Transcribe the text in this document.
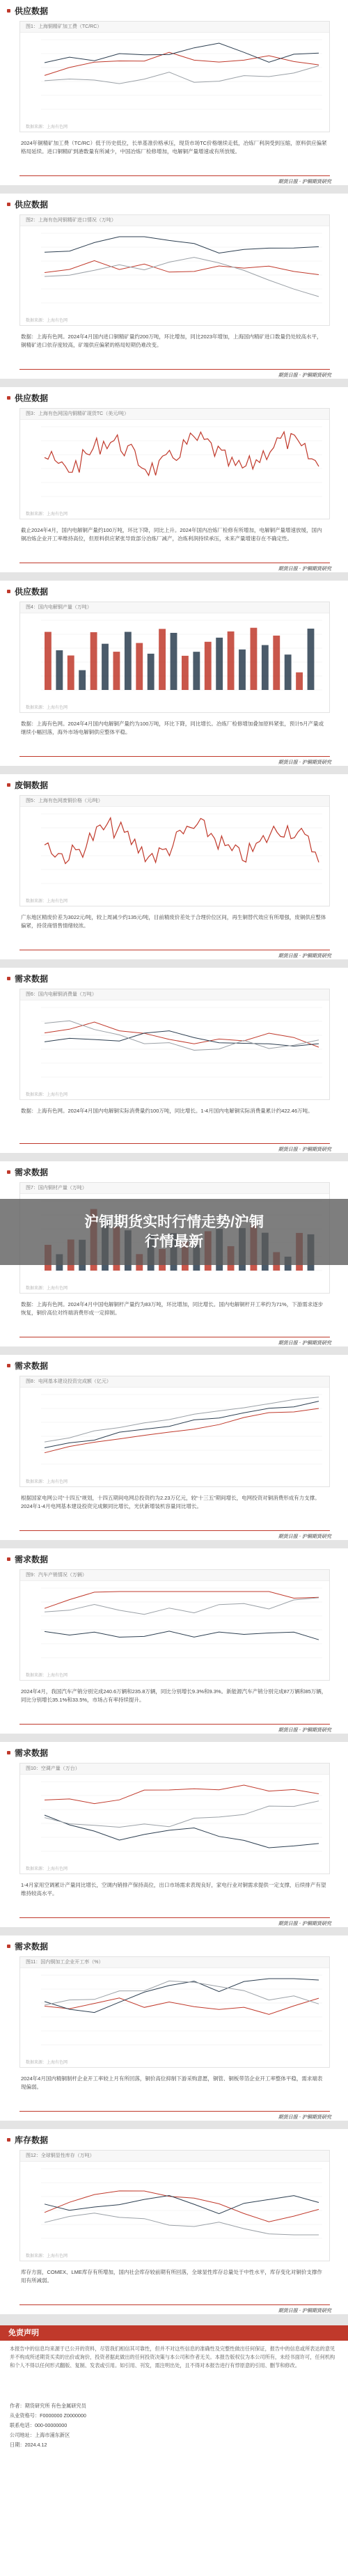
供应数据
图1：上海铜精矿加工费（TC/RC）
数据来源：上海有色网
2024年铜精矿加工费（TC/RC）低于历史低位，长单基准价格承压，现货市场TC价格继续走低，冶炼厂利润受到压缩，原料供应偏紧格局延续。进口铜精矿到港数量有所减少，中国冶炼厂检修增加，电解铜产量增速或有所放缓。
期货日报 · 沪铜期货研究
供应数据
图2：上海有色网铜精矿进口情况（万吨）
数据来源：上海有色网
数据：上海有色网。2024年4月国内进口铜精矿量约200万吨，环比增加，同比2023年增加，上海国内精矿进口数量仍处较高水平，铜精矿进口依存度较高，矿端供应偏紧的格局短期仍难改变。
期货日报 · 沪铜期货研究
供应数据
图3：上海有色网国内铜精矿现货TC（美元/吨）
数据来源：上海有色网
截止2024年4月，国内电解铜产量约100万吨，环比下降，同比上升。2024年国内冶炼厂检修有所增加，电解铜产量增速放缓，国内铜冶炼企业开工率维持高位，但原料供应紧张导致部分冶炼厂减产，冶炼利润持续承压，未来产量增速存在不确定性。
期货日报 · 沪铜期货研究
供应数据
图4：国内电解铜产量（万吨）
数据来源：上海有色网
数据：上海有色网。2024年4月国内电解铜产量约为100万吨，环比下降，同比增长。冶炼厂检修增加叠加原料紧张，预计5月产量或继续小幅回落，海外市场电解铜供应整体平稳。
期货日报 · 沪铜期货研究
废铜数据
图5：上海有色网废铜价格（元/吨）
数据来源：上海有色网
广东地区精废价差为3022元/吨，较上周减少约135元/吨，目前精废价差处于合理价位区间，再生铜替代效应有所增强，废铜供应整体偏紧，持货商惜售情绪较浓。
期货日报 · 沪铜期货研究
需求数据
图6：国内电解铜消费量（万吨）
数据来源：上海有色网
数据：上海有色网。2024年4月国内电解铜实际消费量约100万吨，同比增长。1-4月国内电解铜实际消费量累计约422.46万吨。
期货日报 · 沪铜期货研究
需求数据
图7：国内铜材产量（万吨）
数据来源：上海有色网
数据：上海有色网。2024年4月中国电解铜杆产量约为83万吨，环比增加，同比增长。国内电解铜杆开工率约为71%，下游需求逐步恢复，铜价高位对终端消费形成一定抑制。
期货日报 · 沪铜期货研究
需求数据
图8：电网基本建设投资完成额（亿元）
数据来源：上海有色网
根据国家电网公司“十四五”规划，十四五期间电网总投资约为2.23万亿元，较“十三五”期间增长，电网投资对铜消费形成有力支撑。2024年1-4月电网基本建设投资完成额同比增长，光伏新增装机容量同比增长。
期货日报 · 沪铜期货研究
需求数据
图9：汽车产销情况（万辆）
数据来源：上海有色网
2024年4月，我国汽车产销分别完成240.6万辆和235.8万辆，同比分别增长9.3%和9.3%。新能源汽车产销分别完成87万辆和85万辆，同比分别增长35.1%和33.5%，市场占有率持续提升。
期货日报 · 沪铜期货研究
需求数据
图10：空调产量（万台）
数据来源：上海有色网
1-4月家用空调累计产量同比增长，空调内销排产保持高位，出口市场需求表现良好，家电行业对铜需求提供一定支撑，后续排产有望维持较高水平。
期货日报 · 沪铜期货研究
需求数据
图11：国内铜加工企业开工率（%）
数据来源：上海有色网
2024年4月国内精铜制杆企业开工率较上月有所回落，铜价高位抑制下游采购意愿，铜管、铜板带箔企业开工率整体平稳，需求端表现偏弱。
期货日报 · 沪铜期货研究
库存数据
图12：全球铜显性库存（万吨）
数据来源：上海有色网
库存方面，COMEX、LME库存有所增加，国内社会库存较前期有所回落，全球显性库存总量处于中性水平，库存变化对铜价支撑作用有所减弱。
期货日报 · 沪铜期货研究
沪铜期货实时行情走势/沪铜行情最新
免责声明
本报告中的信息均来源于已公开的资料，尽管我们相信其可靠性，但并不对这些信息的准确性及完整性做出任何保证，报告中的信息或所表达的意见并不构成所述期货买卖的出价或询价，投资者据此做出的任何投资决策与本公司和作者无关。本报告版权仅为本公司所有，未经书面许可，任何机构和个人不得以任何形式翻版、复制、发表或引用。如引用、刊发，需注明出处，且不得对本报告进行有悖原意的引用、删节和修改。
作者：期货研究所 有色金属研究员
从业资格号：F0000000 Z0000000
联系电话：000-00000000
公司地址：上海市浦东新区
日期：2024.4.12
